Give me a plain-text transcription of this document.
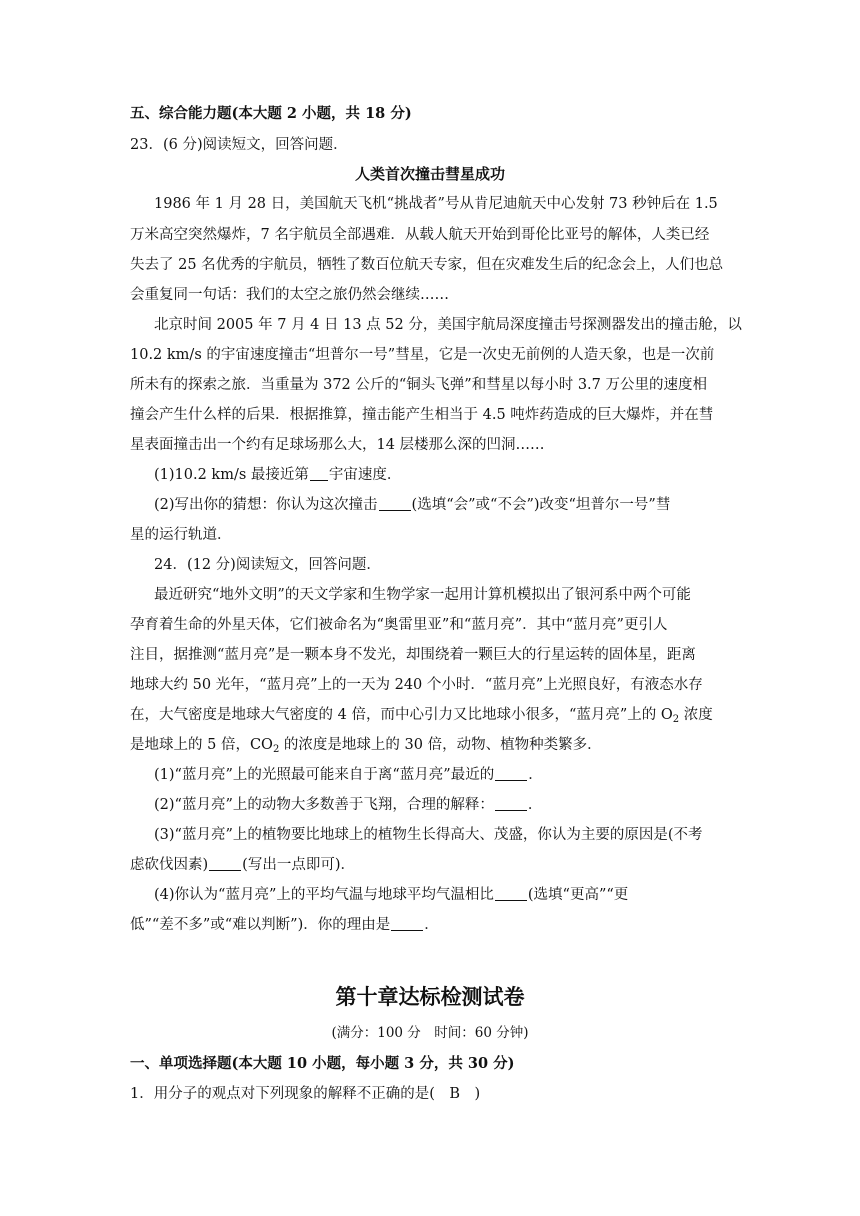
五、综合能力题(本大题 2 小题，共 18 分)
23．(6 分)阅读短文，回答问题．
人类首次撞击彗星成功
1986 年 1 月 28 日，美国航天飞机“挑战者”号从肯尼迪航天中心发射 73 秒钟后在 1.5
万米高空突然爆炸，7 名宇航员全部遇难．从载人航天开始到哥伦比亚号的解体，人类已经
失去了 25 名优秀的宇航员，牺牲了数百位航天专家，但在灾难发生后的纪念会上，人们也总
会重复同一句话：我们的太空之旅仍然会继续……
北京时间 2005 年 7 月 4 日 13 点 52 分，美国宇航局深度撞击号探测器发出的撞击舱，以
10.2 km/s 的宇宙速度撞击“坦普尔一号”彗星，它是一次史无前例的人造天象，也是一次前
所未有的探索之旅．当重量为 372 公斤的“铜头飞弹”和彗星以每小时 3.7 万公里的速度相
撞会产生什么样的后果．根据推算，撞击能产生相当于 4.5 吨炸药造成的巨大爆炸，并在彗
星表面撞击出一个约有足球场那么大，14 层楼那么深的凹洞……
(1)10.2 km/s 最接近第 宇宙速度．
(2)写出你的猜想：你认为这次撞击 (选填“会”或“不会”)改变“坦普尔一号”彗
星的运行轨道．
24．(12 分)阅读短文，回答问题．
最近研究“地外文明”的天文学家和生物学家一起用计算机模拟出了银河系中两个可能
孕育着生命的外星天体，它们被命名为“奥雷里亚”和“蓝月亮”．其中“蓝月亮”更引人
注目，据推测“蓝月亮”是一颗本身不发光，却围绕着一颗巨大的行星运转的固体星，距离
地球大约 50 光年，“蓝月亮”上的一天为 240 个小时．“蓝月亮”上光照良好，有液态水存
在，大气密度是地球大气密度的 4 倍，而中心引力又比地球小很多，“蓝月亮”上的 $O_2$ 浓度
是地球上的 5 倍，$CO_2$ 的浓度是地球上的 30 倍，动物、植物种类繁多．
(1)“蓝月亮”上的光照最可能来自于离“蓝月亮”最近的 ．
(2)“蓝月亮”上的动物大多数善于飞翔，合理的解释： ．
(3)“蓝月亮”上的植物要比地球上的植物生长得高大、茂盛，你认为主要的原因是(不考
虑砍伐因素) (写出一点即可)．
(4)你认为“蓝月亮”上的平均气温与地球平均气温相比 (选填“更高”“更
低”“差不多”或“难以判断”)．你的理由是 ．
第十章达标检测试卷
(满分：100 分　时间：60 分钟)
一、单项选择题(本大题 10 小题，每小题 3 分，共 30 分)
1．用分子的观点对下列现象的解释不正确的是(　B　)
